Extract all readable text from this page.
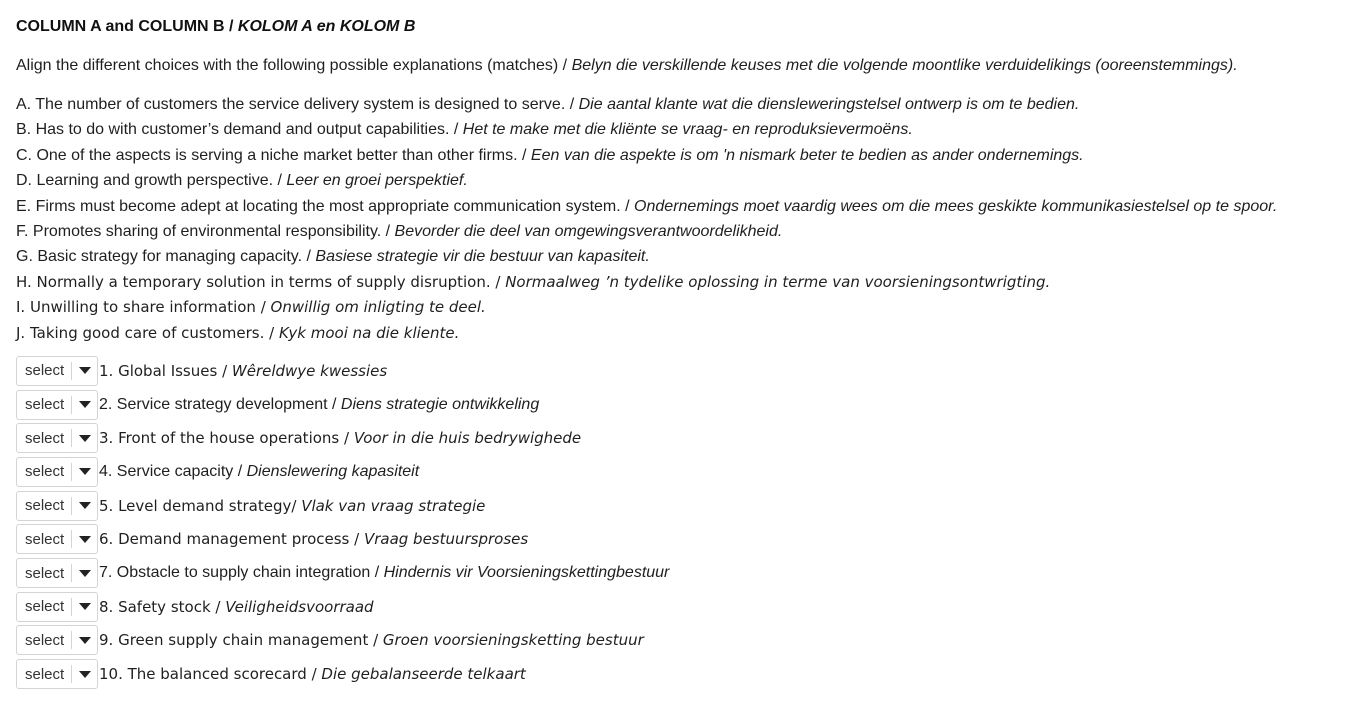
COLUMN A and COLUMN B / KOLOM A en KOLOM B
Align the different choices with the following possible explanations (matches) / Belyn die verskillende keuses met die volgende moontlike verduidelikings (ooreenstemmings).
A. The number of customers the service delivery system is designed to serve. / Die aantal klante wat die diensleweringstelsel ontwerp is om te bedien.
B. Has to do with customer’s demand and output capabilities. / Het te make met die kliënte se vraag- en reproduksievermoëns.
C. One of the aspects is serving a niche market better than other firms. / Een van die aspekte is om 'n nismark beter te bedien as ander ondernemings.
D. Learning and growth perspective. / Leer en groei perspektief.
E. Firms must become adept at locating the most appropriate communication system. / Ondernemings moet vaardig wees om die mees geskikte kommunikasiestelsel op te spoor.
F. Promotes sharing of environmental responsibility. / Bevorder die deel van omgewingsverantwoordelikheid.
G. Basic strategy for managing capacity. / Basiese strategie vir die bestuur van kapasiteit.
H. Normally a temporary solution in terms of supply disruption. / Normaalweg ’n tydelike oplossing in terme van voorsieningsontwrigting.
I. Unwilling to share information / Onwillig om inligting te deel.
J. Taking good care of customers. / Kyk mooi na die kliente.
select	1. Global Issues / Wêreldwye kwessies
select	2. Service strategy development / Diens strategie ontwikkeling
select	3. Front of the house operations / Voor in die huis bedrywighede
select	4. Service capacity / Dienslewering kapasiteit
select	5. Level demand strategy/ Vlak van vraag strategie
select	6. Demand management process / Vraag bestuursproses
select	7. Obstacle to supply chain integration / Hindernis vir Voorsieningskettingbestuur
select	8. Safety stock / Veiligheidsvoorraad
select	9. Green supply chain management / Groen voorsieningsketting bestuur
select	10. The balanced scorecard / Die gebalanseerde telkaart
